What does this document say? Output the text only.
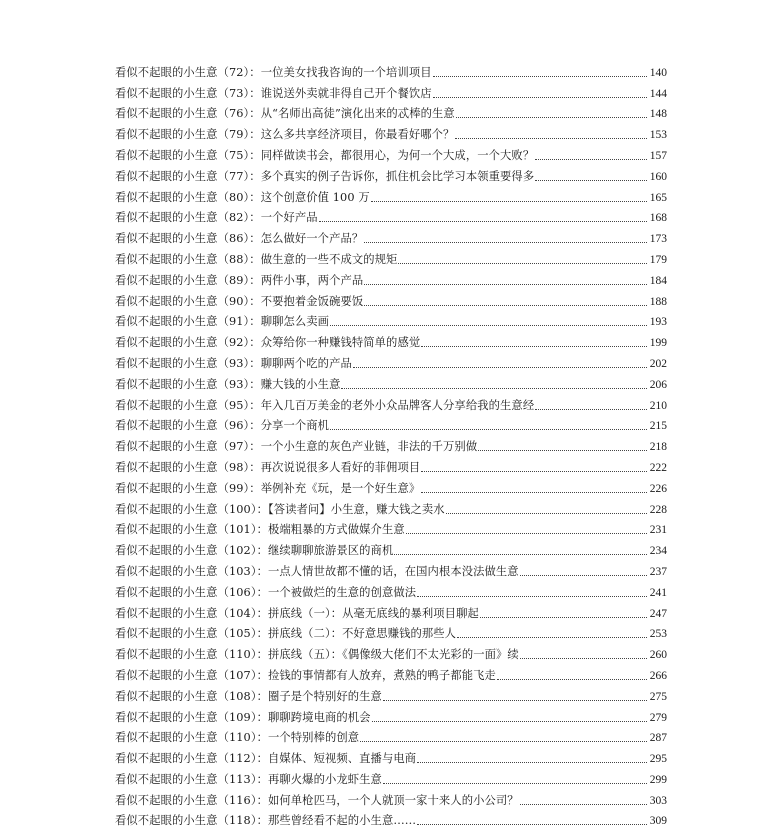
看似不起眼的小生意（72）：一位美女找我咨询的一个培训项目	140
看似不起眼的小生意（73）：谁说送外卖就非得自己开个餐饮店	144
看似不起眼的小生意（76）：从“名师出高徒”演化出来的忒棒的生意	148
看似不起眼的小生意（79）：这么多共享经济项目，你最看好哪个？	153
看似不起眼的小生意（75）：同样做读书会，都很用心，为何一个大成，一个大败？	157
看似不起眼的小生意（77）：多个真实的例子告诉你，抓住机会比学习本领重要得多	160
看似不起眼的小生意（80）：这个创意价值 100 万	165
看似不起眼的小生意（82）：一个好产品	168
看似不起眼的小生意（86）：怎么做好一个产品？	173
看似不起眼的小生意（88）：做生意的一些不成文的规矩	179
看似不起眼的小生意（89）：两件小事，两个产品	184
看似不起眼的小生意（90）：不要抱着金饭碗要饭	188
看似不起眼的小生意（91）：聊聊怎么卖画	193
看似不起眼的小生意（92）：众筹给你一种赚钱特简单的感觉	199
看似不起眼的小生意（93）：聊聊两个吃的产品	202
看似不起眼的小生意（93）：赚大钱的小生意	206
看似不起眼的小生意（95）：年入几百万美金的老外小众品牌客人分享给我的生意经	210
看似不起眼的小生意（96）：分享一个商机	215
看似不起眼的小生意（97）：一个小生意的灰色产业链，非法的千万别做	218
看似不起眼的小生意（98）：再次说说很多人看好的菲佣项目	222
看似不起眼的小生意（99）：举例补充《玩，是一个好生意》	226
看似不起眼的小生意（100）：【答读者问】小生意，赚大钱之卖水	228
看似不起眼的小生意（101）：极端粗暴的方式做媒介生意	231
看似不起眼的小生意（102）：继续聊聊旅游景区的商机	234
看似不起眼的小生意（103）：一点人情世故都不懂的话，在国内根本没法做生意	237
看似不起眼的小生意（106）：一个被做烂的生意的创意做法	241
看似不起眼的小生意（104）：拼底线（一）：从毫无底线的暴利项目聊起	247
看似不起眼的小生意（105）：拼底线（二）：不好意思赚钱的那些人	253
看似不起眼的小生意（110）：拼底线（五）：《偶像级大佬们不太光彩的一面》续	260
看似不起眼的小生意（107）：捡钱的事情都有人放弃，煮熟的鸭子都能飞走	266
看似不起眼的小生意（108）：圈子是个特别好的生意	275
看似不起眼的小生意（109）：聊聊跨境电商的机会	279
看似不起眼的小生意（110）：一个特别棒的创意	287
看似不起眼的小生意（112）：自媒体、短视频、直播与电商	295
看似不起眼的小生意（113）：再聊火爆的小龙虾生意	299
看似不起眼的小生意（116）：如何单枪匹马，一个人就顶一家十来人的小公司？	303
看似不起眼的小生意（118）：那些曾经看不起的小生意……	309
